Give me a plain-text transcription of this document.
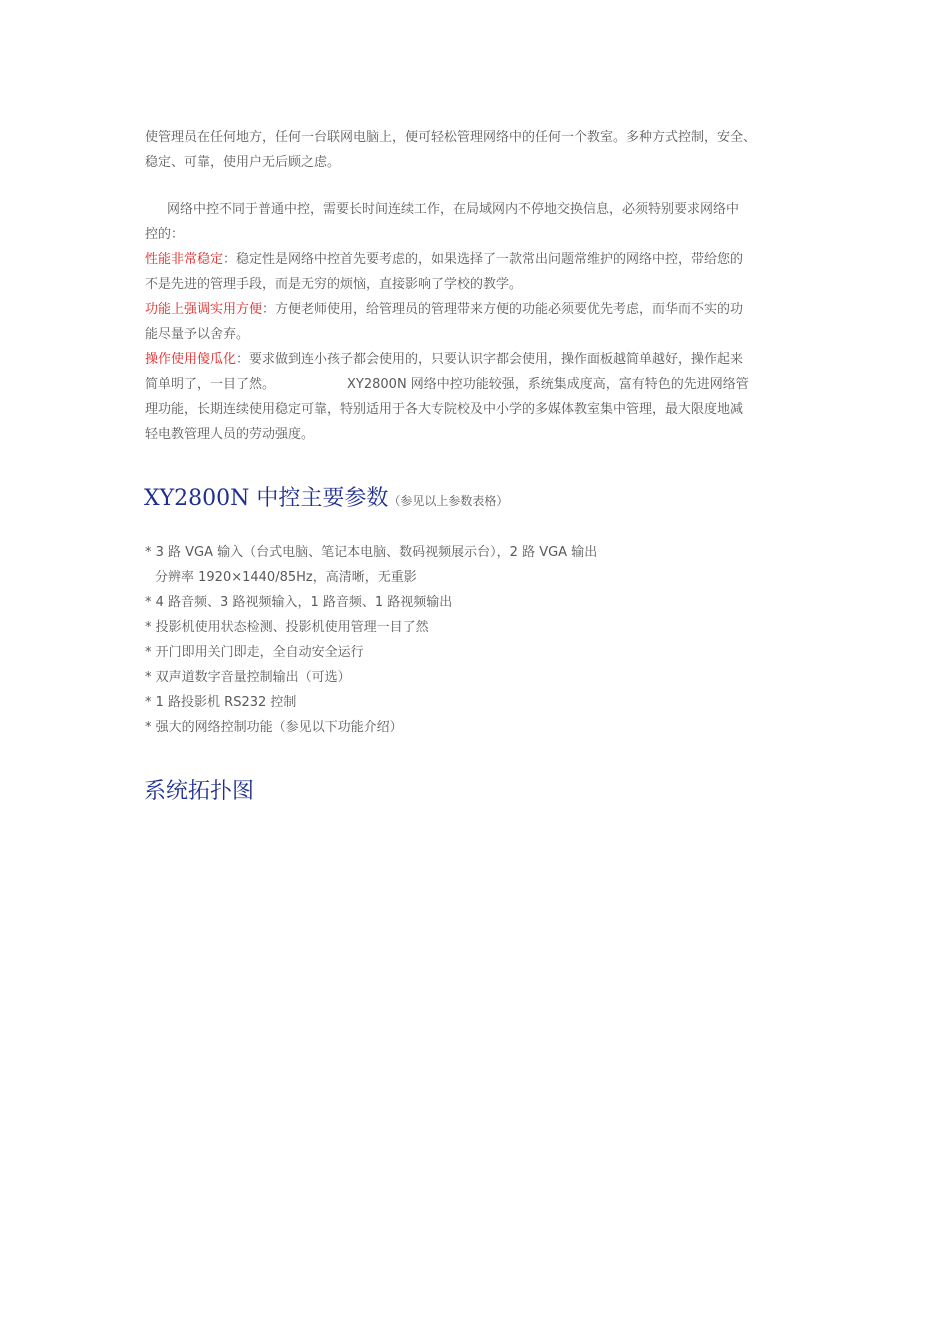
使管理员在任何地方，任何一台联网电脑上，便可轻松管理网络中的任何一个教室。多种方式控制，安全、
稳定、可靠，使用户无后顾之虑。
网络中控不同于普通中控，需要长时间连续工作，在局域网内不停地交换信息，必须特别要求网络中
控的：
性能非常稳定：稳定性是网络中控首先要考虑的，如果选择了一款常出问题常维护的网络中控，带给您的
不是先进的管理手段，而是无穷的烦恼，直接影响了学校的教学。
功能上强调实用方便：方便老师使用，给管理员的管理带来方便的功能必须要优先考虑，而华而不实的功
能尽量予以舍弃。
操作使用傻瓜化：要求做到连小孩子都会使用的，只要认识字都会使用，操作面板越简单越好，操作起来
简单明了，一目了然。	XY2800N 网络中控功能较强，系统集成度高，富有特色的先进网络管
理功能，长期连续使用稳定可靠，特别适用于各大专院校及中小学的多媒体教室集中管理，最大限度地减
轻电教管理人员的劳动强度。
XY2800N 中控主要参数（参见以上参数表格）
* 3 路 VGA 输入（台式电脑、笔记本电脑、数码视频展示台），2 路 VGA 输出
分辨率 1920×1440/85Hz，高清晰，无重影
* 4 路音频、3 路视频输入，1 路音频、1 路视频输出
* 投影机使用状态检测、投影机使用管理一目了然
* 开门即用关门即走，全自动安全运行
* 双声道数字音量控制输出（可选）
* 1 路投影机 RS232 控制
* 强大的网络控制功能（参见以下功能介绍）
系统拓扑图
